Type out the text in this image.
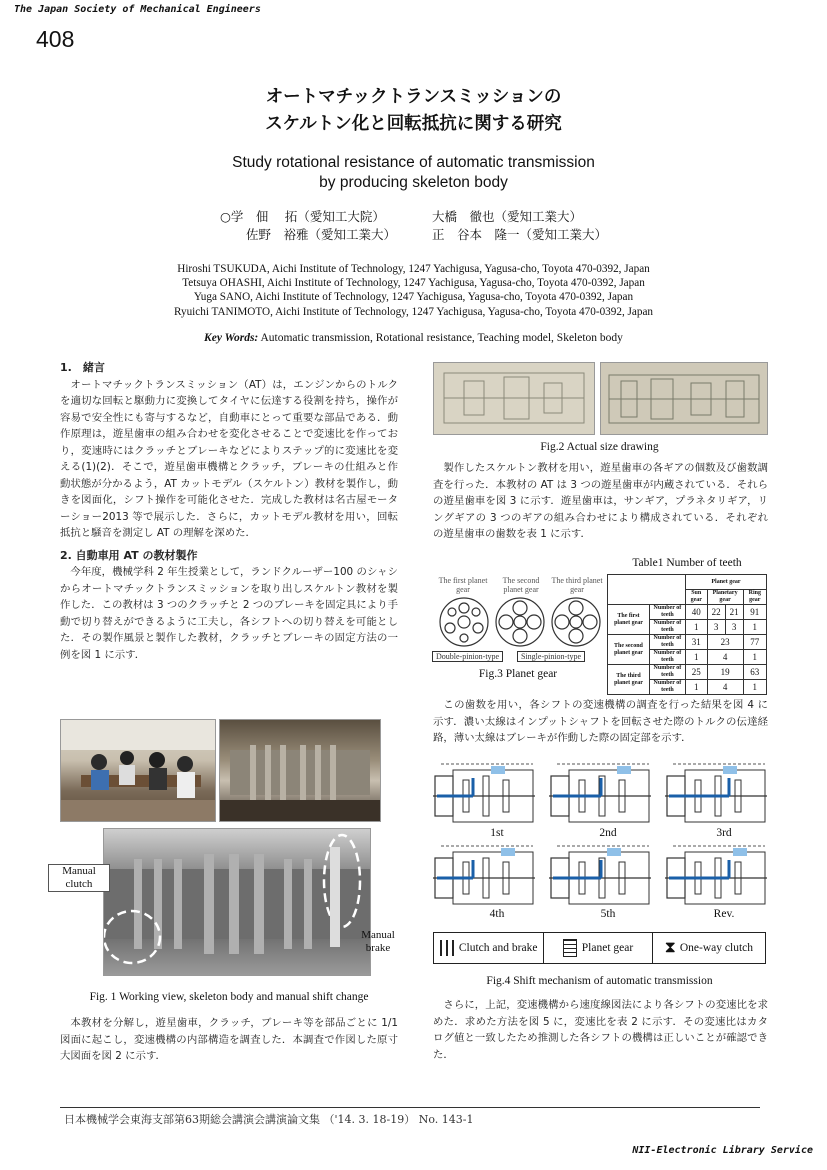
The Japan Society of Mechanical Engineers
408
オートマチックトランスミッションの
スケルトン化と回転抵抗に関する研究
Study rotational resistance of automatic transmission
by producing skeleton body
○学　佃　 拓（愛知工大院）	大橋　徹也（愛知工業大）
佐野　裕雅（愛知工業大）	正　谷本　隆一（愛知工業大）
Hiroshi TSUKUDA, Aichi Institute of Technology, 1247 Yachigusa, Yagusa-cho, Toyota 470-0392, Japan
Tetsuya OHASHI, Aichi Institute of Technology, 1247 Yachigusa, Yagusa-cho, Toyota 470-0392, Japan
Yuga SANO, Aichi Institute of Technology, 1247 Yachigusa, Yagusa-cho, Toyota 470-0392, Japan
Ryuichi TANIMOTO, Aichi Institute of Technology, 1247 Yachigusa, Yagusa-cho, Toyota 470-0392, Japan
Key Words: Automatic transmission, Rotational resistance, Teaching model, Skeleton body
1.　緒言

オートマチックトランスミッション（AT）は，エンジンからのトルクを適切な回転と駆動力に変換してタイヤに伝達する役割を持ち，操作が容易で安全性にも寄与するなど，自動車にとって重要な部品である．動作原理は，遊星歯車の組み合わせを変化させることで変速比を作っており，変速時にはクラッチとブレーキなどによりステップ的に変速比を変える(1)(2)．そこで，遊星歯車機構とクラッチ，ブレーキの仕組みと作動状態が分かるよう，AT カットモデル（スケルトン）教材を製作し，動きを図面化，シフト操作を可能化させた．完成した教材は名古屋モーターショー2013 等で展示した．さらに，カットモデル教材を用い，回転抵抗と騒音を測定し AT の理解を深めた．

2. 自動車用 AT の教材製作

今年度，機械学科 2 年生授業として，ランドクルーザー100 のシャシからオートマチックトランスミッションを取り出しスケルトン教材を製作した．この教材は 3 つのクラッチと 2 つのブレーキを固定具により手動で切り替えができるように工夫し，各シフトへの切り替えを可能とした．その製作風景と製作した教材，クラッチとブレーキの固定方法の一例を図 1 に示す．

Manual clutch
Manual brake
Fig. 1 Working view, skeleton body and manual shift change

本教材を分解し，遊星歯車，クラッチ，ブレーキ等を部品ごとに 1/1 図面に起こし，変速機構の内部構造を調査した．本調査で作図した原寸大図面を図 2 に示す．

Fig.2 Actual size drawing

製作したスケルトン教材を用い，遊星歯車の各ギアの個数及び歯数調査を行った．本教材の AT は 3 つの遊星歯車が内蔵されている．それらの遊星歯車を図 3 に示す．遊星歯車は，サンギア，プラネタリギア，リングギアの 3 つのギアの組み合わせにより構成されている．それぞれの遊星歯車の歯数を表 1 に示す．

The first planet gear
The second planet gear
The third planet gear
Double-pinion-type	Single-pinion-type
Fig.3 Planet gear
Table1 Number of teeth
		Planet gear			
		Sun gear	Planetary gear		Ring gear
The first planet gear	Number of teeth	40	22	21	91
	Number of teeth	1	3	3	1
The second planet gear	Number of teeth	31	23		77
	Number of teeth	1	4		1
The third planet gear	Number of teeth	25	19		63
	Number of teeth	1	4		1

この歯数を用い，各シフトの変速機構の調査を行った結果を図 4 に示す．濃い太線はインプットシャフトを回転させた際のトルクの伝達経路，薄い太線はブレーキが作動した際の固定部を示す．

1st	2nd	3rd
4th	5th	Rev.
Clutch and brake	Planet gear ⧗ One-way clutch
Fig.4 Shift mechanism of automatic transmission

さらに，上記，変速機構から速度線図法により各シフトの変速比を求めた．求めた方法を図 5 に，変速比を表 2 に示す．その変速比はカタログ値と一致したため推測した各シフトの機構は正しいことが確認できた．

日本機械学会東海支部第63期総会講演会講演論文集 （'14. 3. 18-19） No. 143-1
NII-Electronic Library Service
